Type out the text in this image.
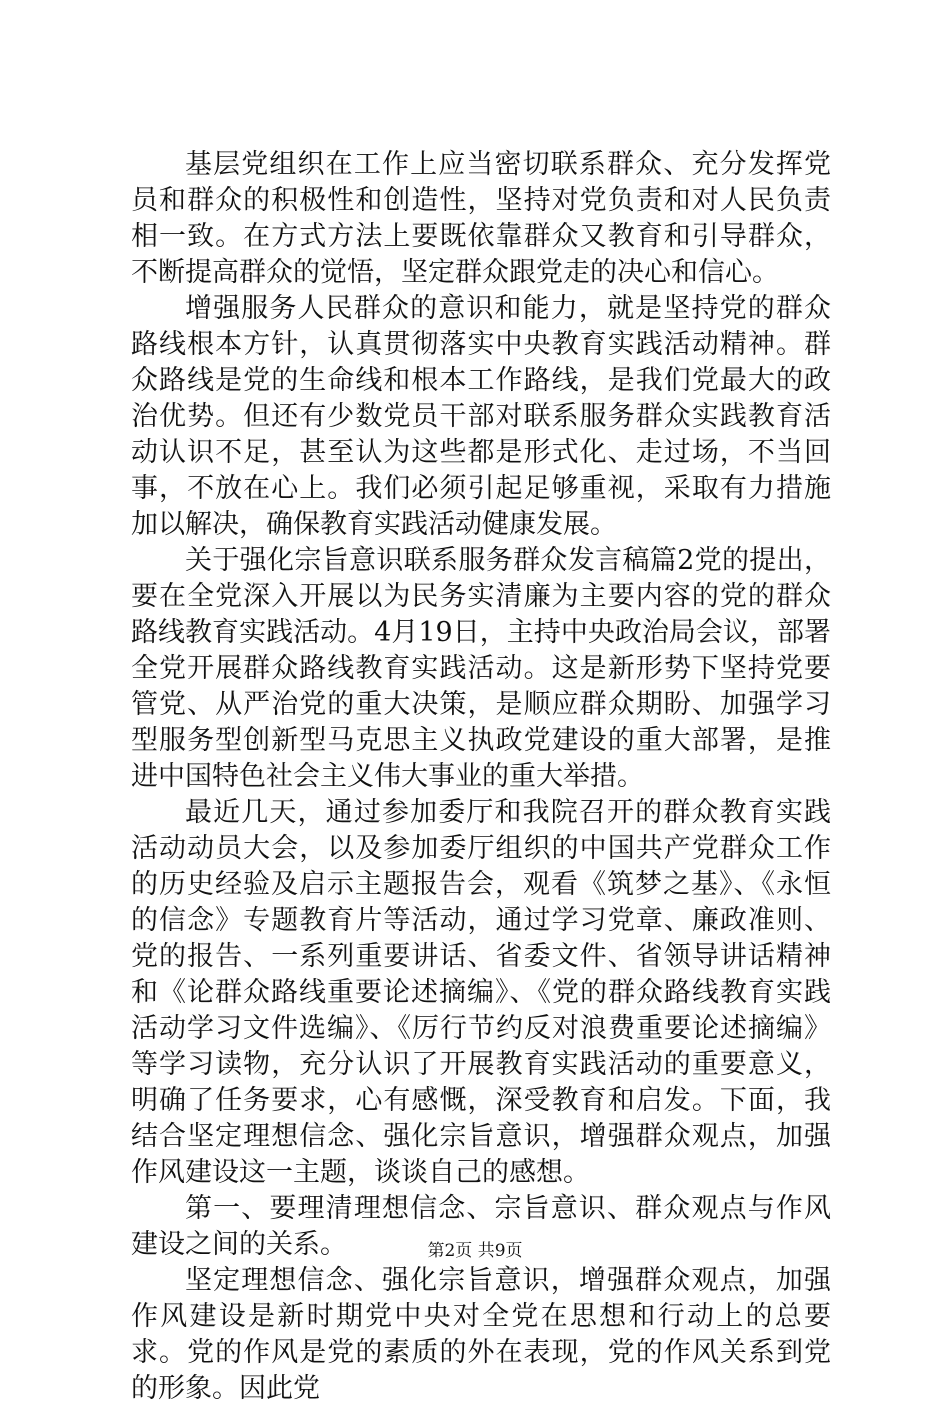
基层党组织在工作上应当密切联系群众、充分发挥党员和群众的积极性和创造性，坚持对党负责和对人民负责相一致。在方式方法上要既依靠群众又教育和引导群众，不断提高群众的觉悟，坚定群众跟党走的决心和信心。

增强服务人民群众的意识和能力，就是坚持党的群众路线根本方针，认真贯彻落实中央教育实践活动精神。群众路线是党的生命线和根本工作路线，是我们党最大的政治优势。但还有少数党员干部对联系服务群众实践教育活动认识不足，甚至认为这些都是形式化、走过场，不当回事，不放在心上。我们必须引起足够重视，采取有力措施加以解决，确保教育实践活动健康发展。

关于强化宗旨意识联系服务群众发言稿篇2党的提出，要在全党深入开展以为民务实清廉为主要内容的党的群众路线教育实践活动。4月19日，主持中央政治局会议，部署全党开展群众路线教育实践活动。这是新形势下坚持党要管党、从严治党的重大决策，是顺应群众期盼、加强学习型服务型创新型马克思主义执政党建设的重大部署，是推进中国特色社会主义伟大事业的重大举措。

最近几天，通过参加委厅和我院召开的群众教育实践活动动员大会，以及参加委厅组织的中国共产党群众工作的历史经验及启示主题报告会，观看《筑梦之基》、《永恒的信念》专题教育片等活动，通过学习党章、廉政准则、党的报告、一系列重要讲话、省委文件、省领导讲话精神和《论群众路线重要论述摘编》、《党的群众路线教育实践活动学习文件选编》、《厉行节约反对浪费重要论述摘编》等学习读物，充分认识了开展教育实践活动的重要意义，明确了任务要求，心有感慨，深受教育和启发。下面，我结合坚定理想信念、强化宗旨意识，增强群众观点，加强作风建设这一主题，谈谈自己的感想。

第一、要理清理想信念、宗旨意识、群众观点与作风建设之间的关系。

坚定理想信念、强化宗旨意识，增强群众观点，加强作风建设是新时期党中央对全党在思想和行动上的总要求。党的作风是党的素质的外在表现，党的作风关系到党的形象。因此党

第2页 共9页
